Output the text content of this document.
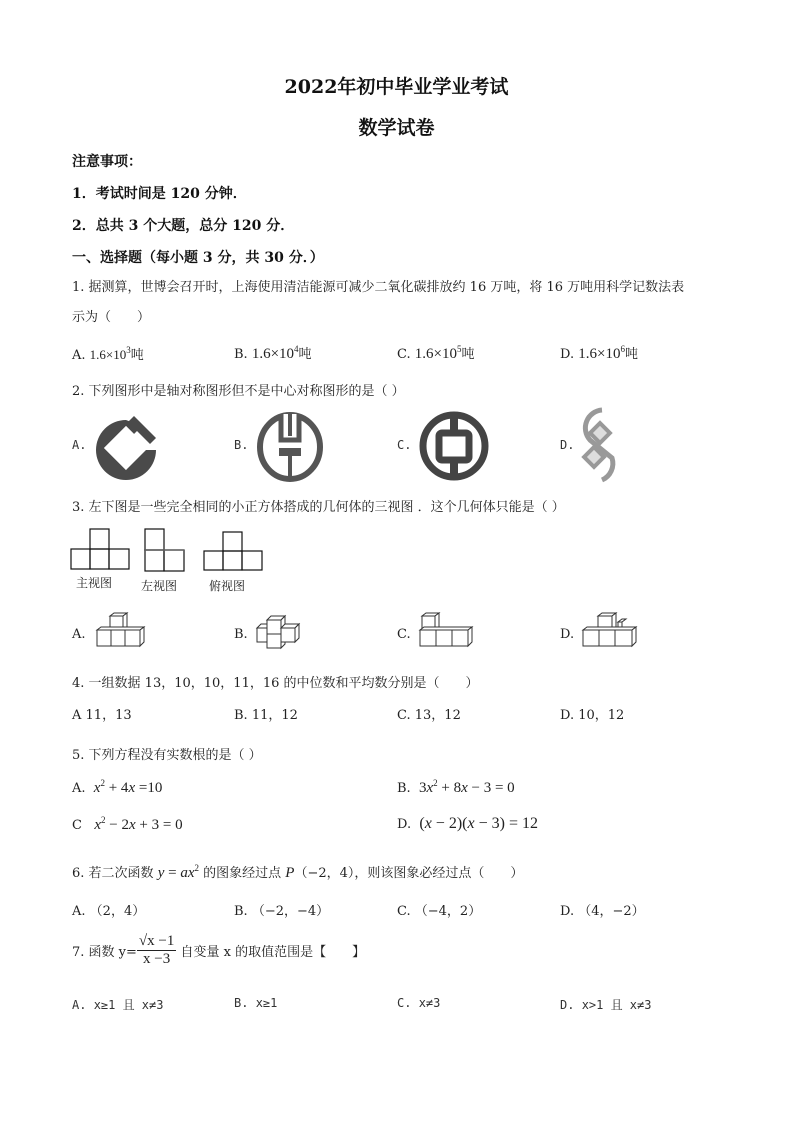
2022年初中毕业学业考试
数学试卷
注意事项：
1．考试时间是 120 分钟．
2．总共 3 个大题，总分 120 分．
一、选择题（每小题 3 分，共 30 分．）
1. 据测算，世博会召开时，上海使用清洁能源可减少二氧化碳排放约 16 万吨，将 16 万吨用科学记数法表
示为（　　）
A. $1.6\times 10^3$吨	B. $1.6\times 10^4$吨	C. $1.6\times 10^5$吨	D. $1.6\times 10^6$吨
2. 下列图形中是轴对称图形但不是中心对称图形的是（ ）
A.	B.	C.	D.
3. 左下图是一些完全相同的小正方体搭成的几何体的三视图 ．这个几何体只能是（ ）
主视图 左视图	俯视图
A.	B.	C.	D.
4. 一组数据 13，10，10，11，16 的中位数和平均数分别是（　　）
A 11，13	B. 11，12	C. 13，12	D. 10，12
5. 下列方程没有实数根的是（ ）
A. $x^2 + 4x =10$	B. $3x^2 + 8x - 3 = 0$
C $x^2 - 2x + 3 = 0$	D. (x − 2)(x − 3) = 12
6. 若二次函数 $y = ax^2$ 的图象经过点 P（−2，4），则该图象必经过点（　　）
A. （2，4）	B. （−2，−4）	C. （−4，2）	D. （4，−2）
7. 函数 $y= \frac{√x -1}{x -3}$ 自变量 x 的取值范围是【　　】
A. x≥1 且 x≠3	B. x≥1	C. x≠3	D. x>1 且 x≠3
